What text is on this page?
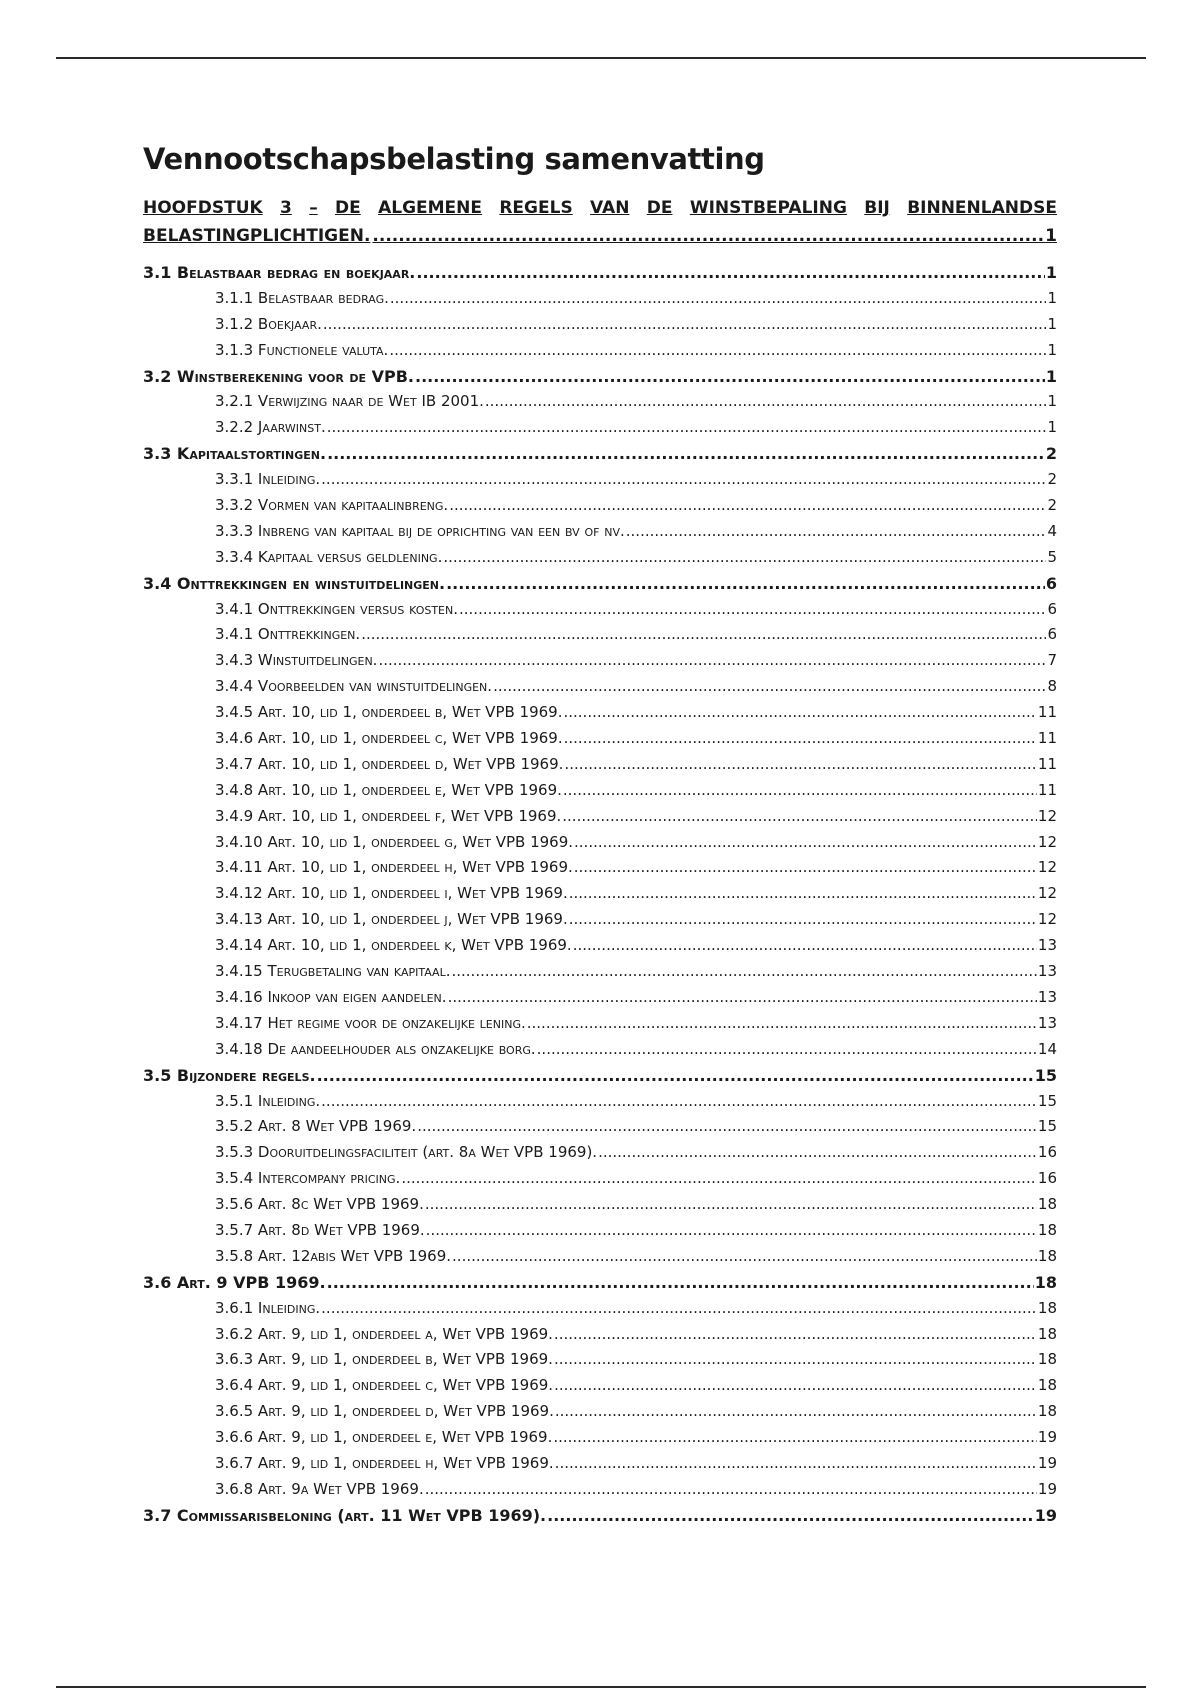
Vennootschapsbelasting samenvatting
HOOFDSTUK 3 – DE ALGEMENE REGELS VAN DE WINSTBEPALING BIJ BINNENLANDSE
BELASTINGPLICHTIGEN. .....	1
3.1 Belastbaar bedrag en boekjaar. .....	1
3.1.1 Belastbaar bedrag. .....	1
3.1.2 Boekjaar. .....	1
3.1.3 Functionele valuta. .....	1
3.2 Winstberekening voor de VPB. .....	1
3.2.1 Verwijzing naar de Wet IB 2001. .....	1
3.2.2 Jaarwinst. .....	1
3.3 Kapitaalstortingen. .....	2
3.3.1 Inleiding. .....	2
3.3.2 Vormen van kapitaalinbreng. .....	2
3.3.3 Inbreng van kapitaal bij de oprichting van een bv of nv. .....	4
3.3.4 Kapitaal versus geldlening. .....	5
3.4 Onttrekkingen en winstuitdelingen. .....	6
3.4.1 Onttrekkingen versus kosten. .....	6
3.4.1 Onttrekkingen. .....	6
3.4.3 Winstuitdelingen. .....	7
3.4.4 Voorbeelden van winstuitdelingen. .....	8
3.4.5 Art. 10, lid 1, onderdeel b, Wet VPB 1969. .....	11
3.4.6 Art. 10, lid 1, onderdeel c, Wet VPB 1969. .....	11
3.4.7 Art. 10, lid 1, onderdeel d, Wet VPB 1969. .....	11
3.4.8 Art. 10, lid 1, onderdeel e, Wet VPB 1969. .....	11
3.4.9 Art. 10, lid 1, onderdeel f, Wet VPB 1969. .....	12
3.4.10 Art. 10, lid 1, onderdeel g, Wet VPB 1969. .....	12
3.4.11 Art. 10, lid 1, onderdeel h, Wet VPB 1969. .....	12
3.4.12 Art. 10, lid 1, onderdeel i, Wet VPB 1969. .....	12
3.4.13 Art. 10, lid 1, onderdeel j, Wet VPB 1969. .....	12
3.4.14 Art. 10, lid 1, onderdeel k, Wet VPB 1969. .....	13
3.4.15 Terugbetaling van kapitaal. .....	13
3.4.16 Inkoop van eigen aandelen. .....	13
3.4.17 Het regime voor de onzakelijke lening. .....	13
3.4.18 De aandeelhouder als onzakelijke borg. .....	14
3.5 Bijzondere regels. .....	15
3.5.1 Inleiding. .....	15
3.5.2 Art. 8 Wet VPB 1969. .....	15
3.5.3 Dooruitdelingsfaciliteit (art. 8a Wet VPB 1969). .....	16
3.5.4 Intercompany pricing. .....	16
3.5.6 Art. 8c Wet VPB 1969. .....	18
3.5.7 Art. 8d Wet VPB 1969. .....	18
3.5.8 Art. 12abis Wet VPB 1969. .....	18
3.6 Art. 9 VPB 1969. .....	18
3.6.1 Inleiding. .....	18
3.6.2 Art. 9, lid 1, onderdeel a, Wet VPB 1969. .....	18
3.6.3 Art. 9, lid 1, onderdeel b, Wet VPB 1969. .....	18
3.6.4 Art. 9, lid 1, onderdeel c, Wet VPB 1969. .....	18
3.6.5 Art. 9, lid 1, onderdeel d, Wet VPB 1969. .....	18
3.6.6 Art. 9, lid 1, onderdeel e, Wet VPB 1969. .....	19
3.6.7 Art. 9, lid 1, onderdeel h, Wet VPB 1969. .....	19
3.6.8 Art. 9a Wet VPB 1969. .....	19
3.7 Commissarisbeloning (art. 11 Wet VPB 1969). .....	19
